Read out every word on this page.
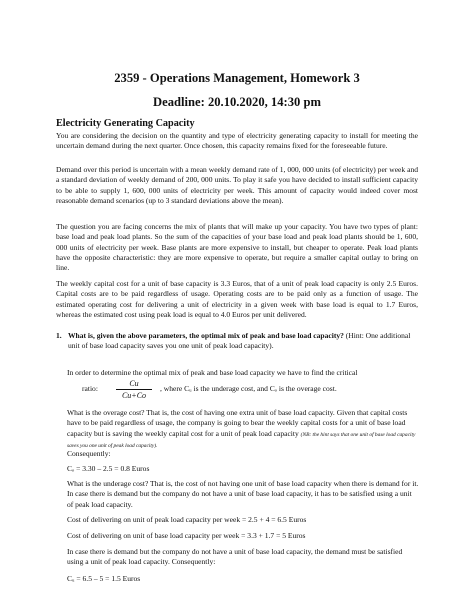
2359 - Operations Management, Homework 3
Deadline: 20.10.2020, 14:30 pm
Electricity Generating Capacity

You are considering the decision on the quantity and type of electricity generating capacity to install for meeting the uncertain demand during the next quarter. Once chosen, this capacity remains fixed for the foreseeable future.

Demand over this period is uncertain with a mean weekly demand rate of 1, 000, 000 units (of electricity) per week and a standard deviation of weekly demand of 200, 000 units. To play it safe you have decided to install sufficient capacity to be able to supply 1, 600, 000 units of electricity per week. This amount of capacity would indeed cover most reasonable demand scenarios (up to 3 standard deviations above the mean).

The question you are facing concerns the mix of plants that will make up your capacity. You have two types of plant: base load and peak load plants. So the sum of the capacities of your base load and peak load plants should be 1, 600, 000 units of electricity per week. Base plants are more expensive to install, but cheaper to operate. Peak load plants have the opposite characteristic: they are more expensive to operate, but require a smaller capital outlay to bring on line.

The weekly capital cost for a unit of base capacity is 3.3 Euros, that of a unit of peak load capacity is only 2.5 Euros. Capital costs are to be paid regardless of usage. Operating costs are to be paid only as a function of usage. The estimated operating cost for delivering a unit of electricity in a given week with base load is equal to 1.7 Euros, whereas the estimated cost using peak load is equal to 4.0 Euros per unit delivered.

1. What is, given the above parameters, the optimal mix of peak and base load capacity? (Hint: One additional unit of base load capacity saves you one unit of peak load capacity).

In order to determine the optimal mix of peak and base load capacity we have to find the critical

ratio: $\frac{Cu}{Cu+Co}$ , where Cᵤ is the underage cost, and Cₒ is the overage cost.

What is the overage cost? That is, the cost of having one extra unit of base load capacity. Given that capital costs have to be paid regardless of usage, the company is going to bear the weekly capital costs for a unit of base load capacity but is saving the weekly capital cost for a unit of peak load capacity (NB: the hint says that one unit of base load capacity saves you one unit of peak load capacity).

Consequently:

Cₒ = 3.30 – 2.5 = 0.8 Euros

What is the underage cost? That is, the cost of not having one unit of base load capacity when there is demand for it. In case there is demand but the company do not have a unit of base load capacity, it has to be satisfied using a unit of peak load capacity.

Cost of delivering on unit of peak load capacity per week = 2.5 + 4 = 6.5 Euros

Cost of delivering on unit of base load capacity per week = 3.3 + 1.7 = 5 Euros

In case there is demand but the company do not have a unit of base load capacity, the demand must be satisfied using a unit of peak load capacity. Consequently:

Cᵤ = 6.5 – 5 = 1.5 Euros
